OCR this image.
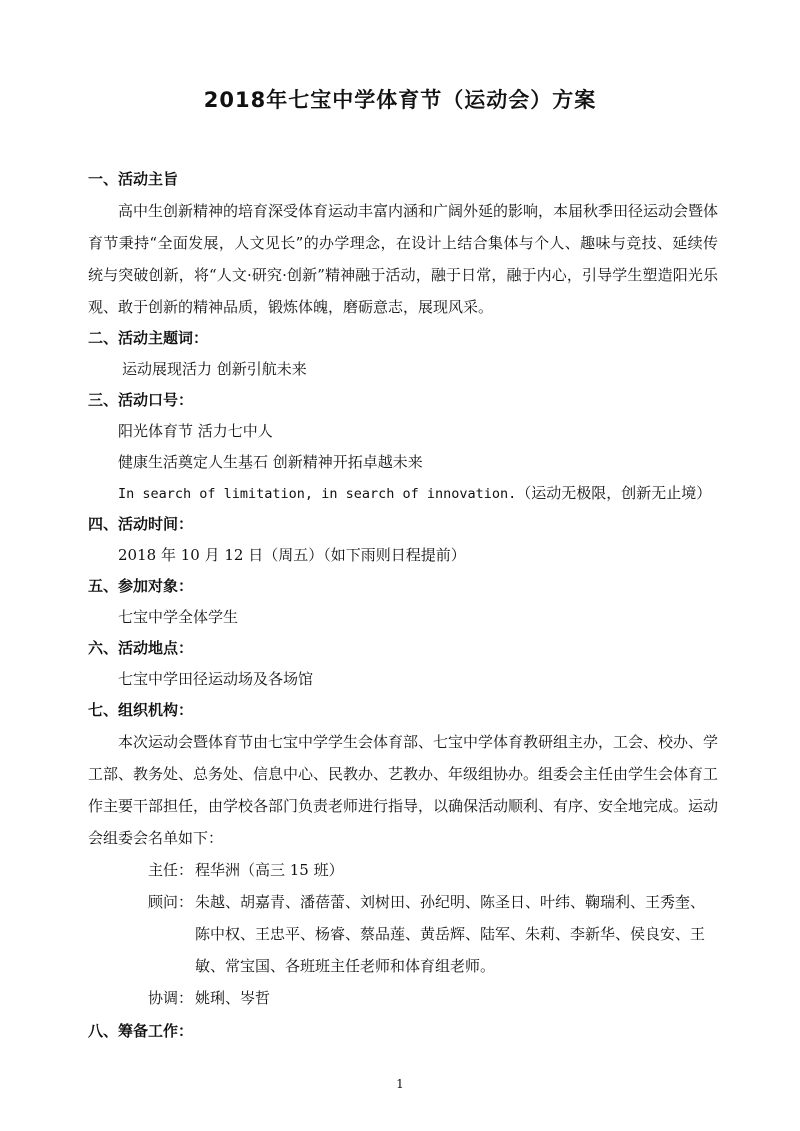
2018年七宝中学体育节（运动会）方案
一、活动主旨

高中生创新精神的培育深受体育运动丰富内涵和广阔外延的影响，本届秋季田径运动会暨体育节秉持“全面发展，人文见长”的办学理念，在设计上结合集体与个人、趣味与竞技、延续传统与突破创新，将“人文·研究·创新”精神融于活动，融于日常，融于内心，引导学生塑造阳光乐观、敢于创新的精神品质，锻炼体魄，磨砺意志，展现风采。

二、活动主题词：
运动展现活力 创新引航未来
三、活动口号：
阳光体育节 活力七中人
健康生活奠定人生基石 创新精神开拓卓越未来
In search of limitation, in search of innovation.（运动无极限，创新无止境）
四、活动时间：
2018 年 10 月 12 日（周五）（如下雨则日程提前）
五、参加对象：
七宝中学全体学生
六、活动地点：
七宝中学田径运动场及各场馆
七、组织机构：

本次运动会暨体育节由七宝中学学生会体育部、七宝中学体育教研组主办，工会、校办、学工部、教务处、总务处、信息中心、民教办、艺教办、年级组协办。组委会主任由学生会体育工作主要干部担任，由学校各部门负责老师进行指导，以确保活动顺利、有序、安全地完成。运动会组委会名单如下：

主任： 程华洲（高三 15 班）
顾问： 朱越、胡嘉青、潘蓓蕾、刘树田、孙纪明、陈圣日、叶纬、鞠瑞利、王秀奎、陈中权、王忠平、杨睿、蔡品莲、黄岳辉、陆军、朱莉、李新华、侯良安、王敏、常宝国、各班班主任老师和体育组老师。
协调： 姚琍、岑哲
八、筹备工作：
1
